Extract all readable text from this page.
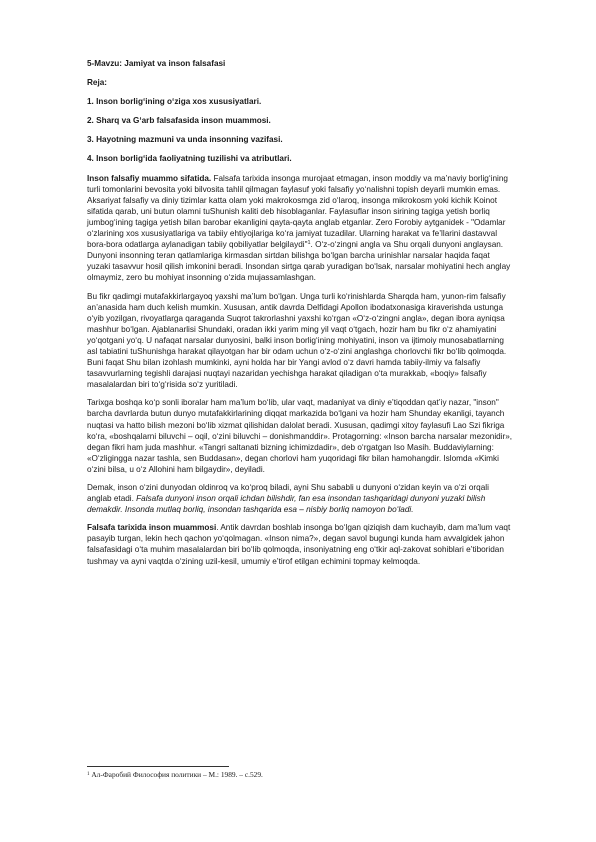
5-Mavzu: Jamiyat va inson falsafasi
Reja:
1. Inson borlig‘ining o‘ziga xos xususiyatlari.
2. Sharq va G‘arb falsafasida inson muammosi.
3. Hayotning mazmuni va unda insonning vazifasi.
4. Inson borlig‘ida faoliyatning tuzilishi va atributlari.

Inson falsafiy muammo sifatida. Falsafa tarixida insonga murojaat etmagan, inson moddiy va ma’naviy borlig‘ining turli tomonlarini bevosita yoki bilvosita tahlil qilmagan faylasuf yoki falsafiy yo‘nalishni topish deyarli mumkin emas. Aksariyat falsafiy va diniy tizimlar katta olam yoki makrokosmga zid o‘laroq, insonga mikrokosm yoki kichik Koinot sifatida qarab, uni butun olamni tuShunish kaliti deb hisoblaganlar. Faylasuflar inson sirining tagiga yetish borliq jumbog‘ining tagiga yetish bilan barobar ekanligini qayta-qayta anglab etganlar. Zero Forobiy aytganidek - "Odamlar o‘zlarining xos xususiyatlariga va tabiiy ehtiyojlariga ko‘ra jamiyat tuzadilar. Ularning harakat va fe’llarini dastavval bora-bora odatlarga aylanadigan tabiiy qobiliyatlar belgilaydi"$^1$. O‘z-o‘zingni angla va Shu orqali dunyoni anglaysan. Dunyoni insonning teran qatlamlariga kirmasdan sirtdan bilishga bo‘lgan barcha urinishlar narsalar haqida faqat yuzaki tasavvur hosil qilish imkonini beradi. Insondan sirtga qarab yuradigan bo‘lsak, narsalar mohiyatini hech anglay olmaymiz, zero bu mohiyat insonning o‘zida mujassamlashgan.

Bu fikr qadimgi mutafakkirlargayoq yaxshi ma’lum bo‘lgan. Unga turli ko‘rinishlarda Sharqda ham, yunon-rim falsafiy an’anasida ham duch kelish mumkin. Xususan, antik davrda Delfidagi Apollon ibodatxonasiga kiraverishda ustunga o‘yib yozilgan, rivoyatlarga qaraganda Suqrot takrorlashni yaxshi ko‘rgan «O‘z-o‘zingni angla», degan ibora ayniqsa mashhur bo‘lgan. Ajablanarlisi Shundaki, oradan ikki yarim ming yil vaqt o‘tgach, hozir ham bu fikr o‘z ahamiyatini yo‘qotgani yo‘q. U nafaqat narsalar dunyosini, balki inson borlig‘ining mohiyatini, inson va ijtimoiy munosabatlarning asl tabiatini tuShunishga harakat qilayotgan har bir odam uchun o‘z-o‘zini anglashga chorlovchi fikr bo‘lib qolmoqda. Buni faqat Shu bilan izohlash mumkinki, ayni holda har bir Yangi avlod o‘z davri hamda tabiiy-ilmiy va falsafiy tasavvurlarning tegishli darajasi nuqtayi nazaridan yechishga harakat qiladigan o‘ta murakkab, «boqiy» falsafiy masalalardan biri to‘g‘risida so‘z yuritiladi.

Tarixga boshqa ko‘p sonli iboralar ham ma’lum bo‘lib, ular vaqt, madaniyat va diniy e’tiqoddan qat’iy nazar, "inson" barcha davrlarda butun dunyo mutafakkirlarining diqqat markazida bo‘lgani va hozir ham Shunday ekanligi, tayanch nuqtasi va hatto bilish mezoni bo‘lib xizmat qilishidan dalolat beradi. Xususan, qadimgi xitoy faylasufi Lao Szi fikriga ko‘ra, «boshqalarni biluvchi – oqil, o‘zini biluvchi – donishmanddir». Protagorning: «Inson barcha narsalar mezonidir», degan fikri ham juda mashhur. «Tangri saltanati bizning ichimizdadir», deb o‘rgatgan Iso Masih. Buddaviylarning: «O‘zligingga nazar tashla, sen Buddasan», degan chorlovi ham yuqoridagi fikr bilan hamohangdir. Islomda «Kimki o‘zini bilsa, u o‘z Allohini ham bilgaydir», deyiladi.

Demak, inson o‘zini dunyodan oldinroq va ko‘proq biladi, ayni Shu sababli u dunyoni o‘zidan keyin va o‘zi orqali anglab etadi. Falsafa dunyoni inson orqali ichdan bilishdir, fan esa insondan tashqaridagi dunyoni yuzaki bilish demakdir. Insonda mutlaq borliq, insondan tashqarida esa – nisbiy borliq namoyon bo‘ladi.

Falsafa tarixida inson muammosi. Antik davrdan boshlab insonga bo‘lgan qiziqish dam kuchayib, dam ma’lum vaqt pasayib turgan, lekin hech qachon yo‘qolmagan. «Inson nima?», degan savol bugungi kunda ham avvalgidek jahon falsafasidagi o‘ta muhim masalalardan biri bo‘lib qolmoqda, insoniyatning eng o‘tkir aql-zakovat sohiblari e’tiboridan tushmay va ayni vaqtda o‘zining uzil-kesil, umumiy e’tirof etilgan echimini topmay kelmoqda.

$^1$ Ал-Фаробий Философия политики – М.: 1989. – с.529.
